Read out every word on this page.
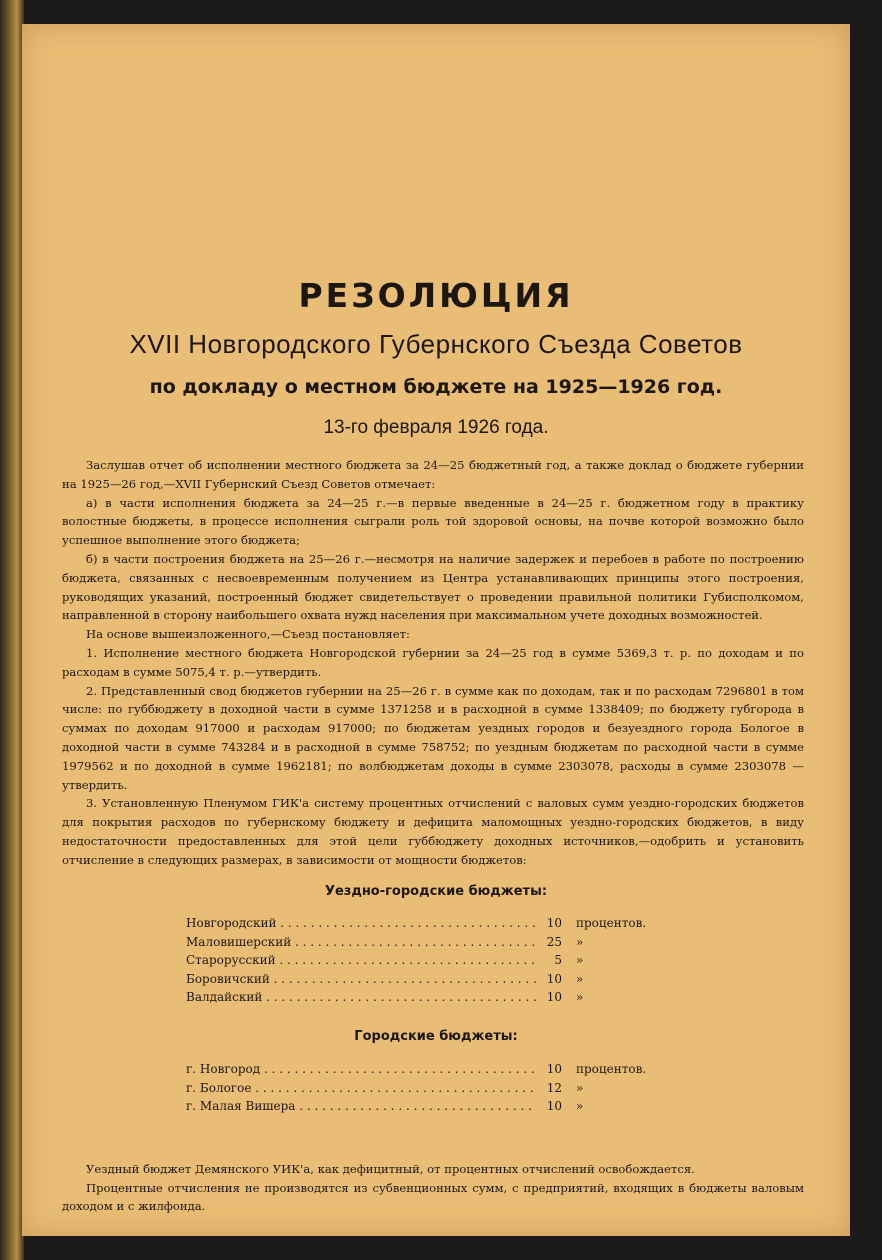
РЕЗОЛЮЦИЯ
XVII Новгородского Губернского Съезда Советов
по докладу о местном бюджете на 1925—1926 год.
13-го февраля 1926 года.

Заслушав отчет об исполнении местного бюджета за 24—25 бюджетный год, а также доклад о бюджете губернии на 1925—26 год,—XVII Губернский Съезд Советов отмечает:

а) в части исполнения бюджета за 24—25 г.—в первые введенные в 24—25 г. бюджетном году в практику волостные бюджеты, в процессе исполнения сыграли роль той здоровой основы, на почве которой возможно было успешное выполнение этого бюджета;

б) в части построения бюджета на 25—26 г.—несмотря на наличие задержек и перебоев в работе по построению бюджета, связанных с несвоевременным получением из Центра устанавливающих принципы этого построения, руководящих указаний, построенный бюджет свидетельствует о проведении правильной политики Губисполкомом, направленной в сторону наибольшего охвата нужд населения при максимальном учете доходных возможностей.

На основе вышеизложенного,—Съезд постановляет:

1. Исполнение местного бюджета Новгородской губернии за 24—25 год в сумме 5369,3 т. р. по доходам и по расходам в сумме 5075,4 т. р.—утвердить.

2. Представленный свод бюджетов губернии на 25—26 г. в сумме как по доходам, так и по расходам 7296801 в том числе: по губбюджету в доходной части в сумме 1371258 и в расходной в сумме 1338409; по бюджету губгорода в суммах по доходам 917000 и расходам 917000; по бюджетам уездных городов и безуездного города Бологое в доходной части в сумме 743284 и в расходной в сумме 758752; по уездным бюджетам по расходной части в сумме 1979562 и по доходной в сумме 1962181; по волбюджетам доходы в сумме 2303078, расходы в сумме 2303078 — утвердить.

3. Установленную Пленумом ГИК'а систему процентных отчислений с валовых сумм уездно-городских бюджетов для покрытия расходов по губернскому бюджету и дефицита маломощных уездно-городских бюджетов, в виду недостаточности предоставленных для этой цели губбюджету доходных источников,—одобрить и установить отчисление в следующих размерах, в зависимости от мощности бюджетов:

Уездно-городские бюджеты:
Новгородский . . .	10	процентов.
Маловишерский . . .	25	»
Старорусский . . .	5	»
Боровичский . . .	10	»
Валдайский . . .	10	»
Городские бюджеты:
г. Новгород . . .	10	процентов.
г. Бологое . . .	12	»
г. Малая Вишера . . .	10	»

Уездный бюджет Демянского УИК'а, как дефицитный, от процентных отчислений освобождается.

Процентные отчисления не производятся из субвенционных сумм, с предприятий, входящих в бюджеты валовым доходом и с жилфонда.
